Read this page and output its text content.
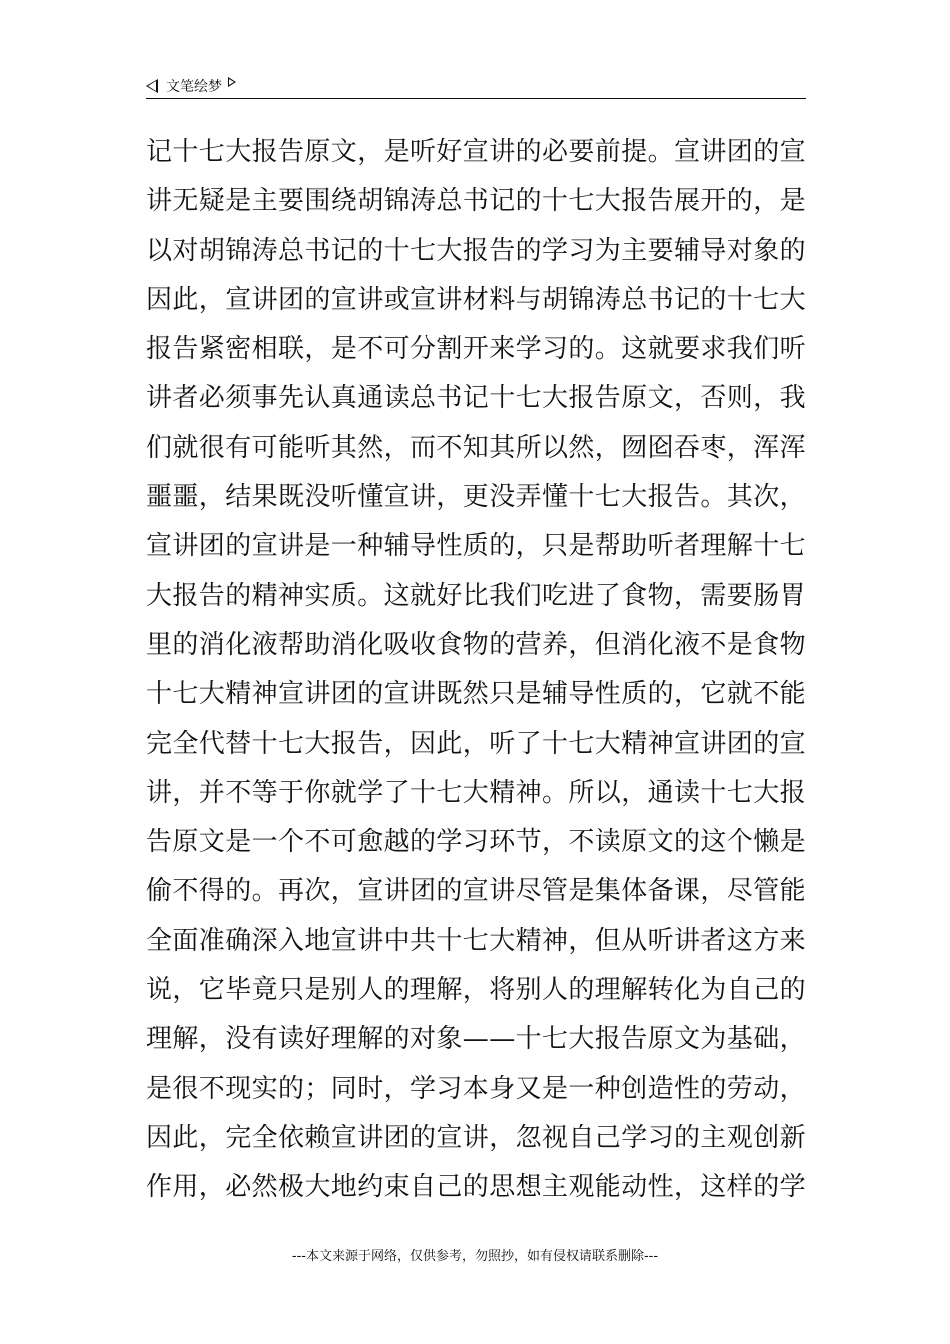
文笔绘梦
记十七大报告原文，是听好宣讲的必要前提。宣讲团的宣
讲无疑是主要围绕胡锦涛总书记的十七大报告展开的，是
以对胡锦涛总书记的十七大报告的学习为主要辅导对象的
因此，宣讲团的宣讲或宣讲材料与胡锦涛总书记的十七大
报告紧密相联，是不可分割开来学习的。这就要求我们听
讲者必须事先认真通读总书记十七大报告原文，否则，我
们就很有可能听其然，而不知其所以然，囫囵吞枣，浑浑
噩噩，结果既没听懂宣讲，更没弄懂十七大报告。其次，
宣讲团的宣讲是一种辅导性质的，只是帮助听者理解十七
大报告的精神实质。这就好比我们吃进了食物，需要肠胃
里的消化液帮助消化吸收食物的营养，但消化液不是食物
十七大精神宣讲团的宣讲既然只是辅导性质的，它就不能
完全代替十七大报告，因此，听了十七大精神宣讲团的宣
讲，并不等于你就学了十七大精神。所以，通读十七大报
告原文是一个不可愈越的学习环节，不读原文的这个懒是
偷不得的。再次，宣讲团的宣讲尽管是集体备课，尽管能
全面准确深入地宣讲中共十七大精神，但从听讲者这方来
说，它毕竟只是别人的理解，将别人的理解转化为自己的
理解，没有读好理解的对象——十七大报告原文为基础，
是很不现实的；同时，学习本身又是一种创造性的劳动，
因此，完全依赖宣讲团的宣讲，忽视自己学习的主观创新
作用，必然极大地约束自己的思想主观能动性，这样的学
---本文来源于网络，仅供参考，勿照抄，如有侵权请联系删除---
